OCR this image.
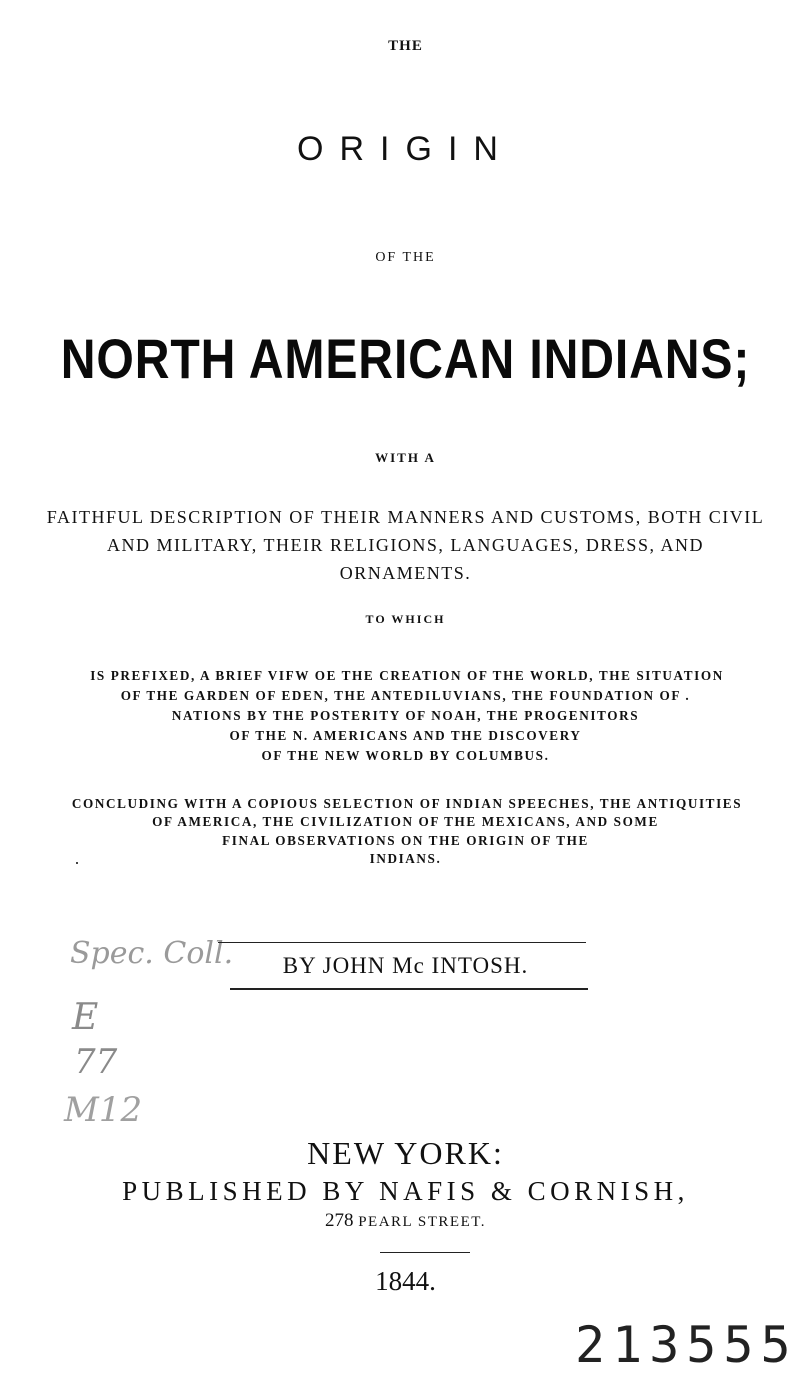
THE
ORIGIN
OF THE
NORTH AMERICAN INDIANS;
WITH A
FAITHFUL DESCRIPTION OF THEIR MANNERS AND CUSTOMS, BOTH CIVIL
AND MILITARY, THEIR RELIGIONS, LANGUAGES, DRESS, AND
ORNAMENTS.
TO WHICH
IS PREFIXED, A BRIEF VIFW OE THE CREATION OF THE WORLD, THE SITUATION
OF THE GARDEN OF EDEN, THE ANTEDILUVIANS, THE FOUNDATION OF .
NATIONS BY THE POSTERITY OF NOAH, THE PROGENITORS
OF THE N. AMERICANS AND THE DISCOVERY
OF THE NEW WORLD BY COLUMBUS.
CONCLUDING WITH A COPIOUS SELECTION OF INDIAN SPEECHES, THE ANTIQUITIES
OF AMERICA, THE CIVILIZATION OF THE MEXICANS, AND SOME
FINAL OBSERVATIONS ON THE ORIGIN OF THE
INDIANS.
Spec. Coll.
E
77
M12
BY JOHN Mc INTOSH.
NEW YORK:
PUBLISHED BY NAFIS & CORNISH,
278 PEARL STREET.
1844.
213555
